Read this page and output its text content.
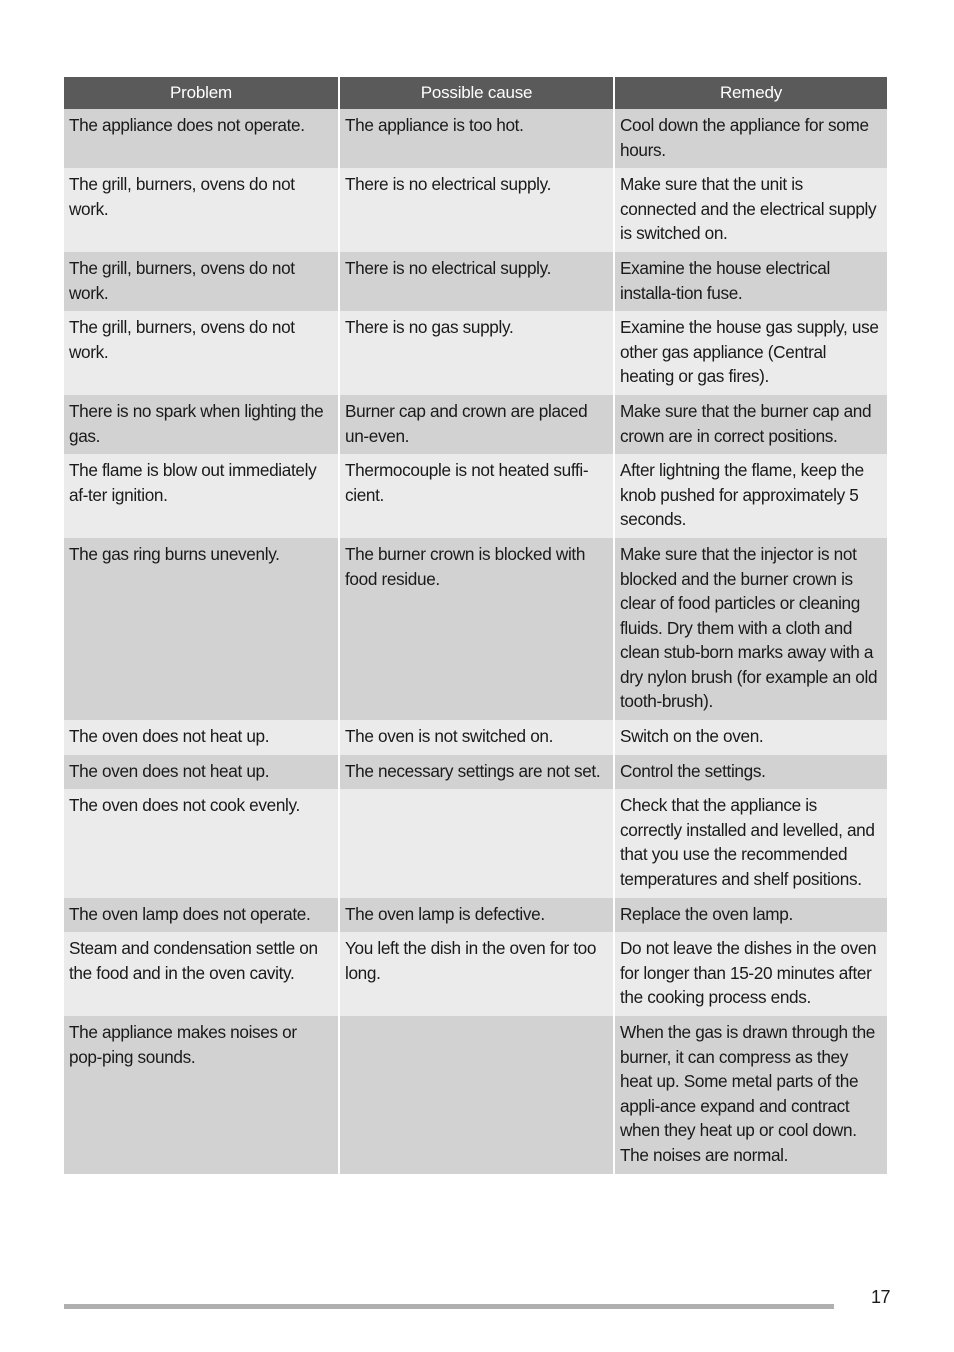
Problem	Possible cause	Remedy
The appliance does not operate.	The appliance is too hot.	Cool down the appliance for some hours.
The grill, burners, ovens do not work.	There is no electrical supply.	Make sure that the unit is connected and the electrical supply is switched on.
The grill, burners, ovens do not work.	There is no electrical supply.	Examine the house electrical installa-tion fuse.
The grill, burners, ovens do not work.	There is no gas supply.	Examine the house gas supply, use other gas appliance (Central heating or gas fires).
There is no spark when lighting the gas.	Burner cap and crown are placed un-even.	Make sure that the burner cap and crown are in correct positions.
The flame is blow out immediately af-ter ignition.	Thermocouple is not heated suffi-cient.	After lightning the flame, keep the knob pushed for approximately 5 seconds.
The gas ring burns unevenly.	The burner crown is blocked with food residue.	Make sure that the injector is not blocked and the burner crown is clear of food particles or cleaning fluids. Dry them with a cloth and clean stub-born marks away with a dry nylon brush (for example an old tooth-brush).
The oven does not heat up.	The oven is not switched on.	Switch on the oven.
The oven does not heat up.	The necessary settings are not set.	Control the settings.
The oven does not cook evenly.		Check that the appliance is correctly installed and levelled, and that you use the recommended temperatures and shelf positions.
The oven lamp does not operate.	The oven lamp is defective.	Replace the oven lamp.
Steam and condensation settle on the food and in the oven cavity.	You left the dish in the oven for too long.	Do not leave the dishes in the oven for longer than 15-20 minutes after the cooking process ends.
The appliance makes noises or pop-ping sounds.		When the gas is drawn through the burner, it can compress as they heat up. Some metal parts of the appli-ance expand and contract when they heat up or cool down. The noises are normal.
17
